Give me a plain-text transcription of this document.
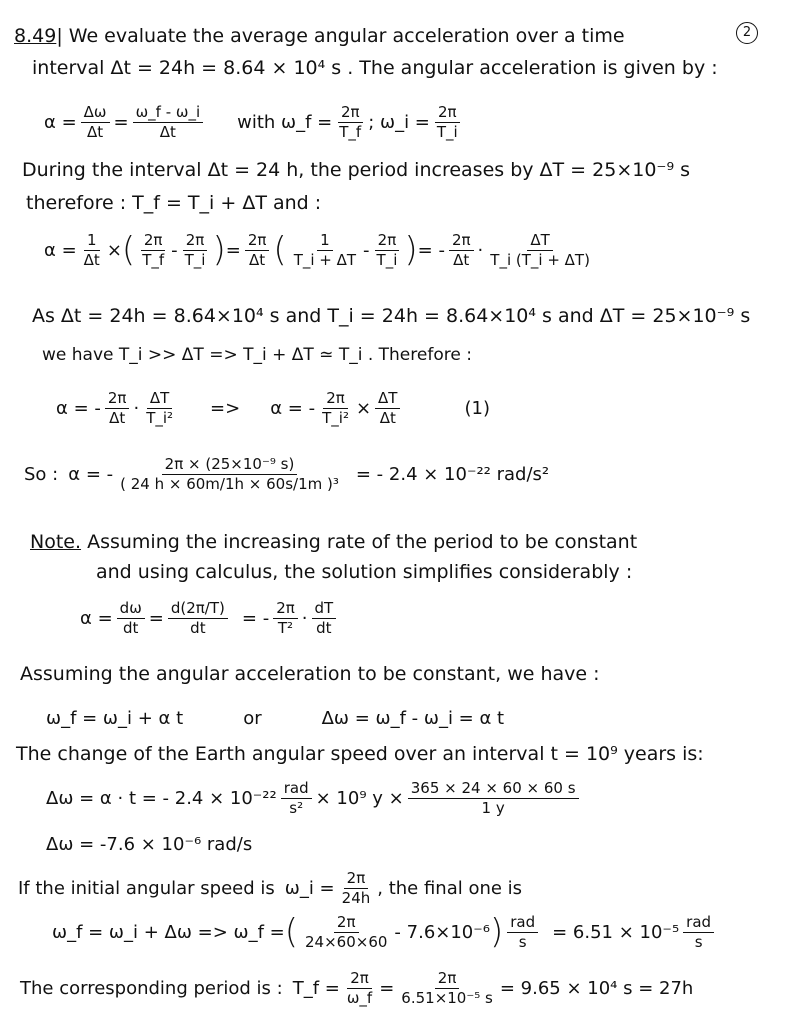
2
8.49| We evaluate the average angular acceleration over a time
interval Δt = 24h = 8.64 × 10⁴ s . The angular acceleration is given by :
$\alpha = \frac{\Delta\omega}{\Delta t} = \frac{\omega\_f - \omega\_i}{\Delta t}$ with ω_f = $\frac{2\pi}{T\_f}$ ; ω_i = $\frac{2\pi}{T\_i}$
During the interval Δt = 24 h, the period increases by ΔT = 25×10⁻⁹ s
therefore : T_f = T_i + ΔT and :
$\alpha = \frac{1}{\Delta t}$ × ( $\frac{2\pi}{T\_f} - \frac{2\pi}{T\_i}$ ) = $\frac{2\pi}{\Delta t}$ ( $\frac{1}{T\_i + \Delta T} - \frac{2\pi}{T\_i}$ ) = - $\frac{2\pi}{\Delta t} \cdot \frac{\Delta T}{T\_i (T\_i + \Delta T)}$
As Δt = 24h = 8.64×10⁴ s and T_i = 24h = 8.64×10⁴ s and ΔT = 25×10⁻⁹ s
we have T_i >> ΔT => T_i + ΔT ≃ T_i . Therefore :
α = - $\frac{2\pi}{\Delta t} \cdot \frac{\Delta T}{\text{T\_i²}} => \alpha$ = - $\frac{2\pi}{\text{T\_i²}} \times \frac{\Delta T}{\Delta t}$	(1)
So : α = - $\frac{\text{2π × (25×10⁻⁹ s)}}{\text{( 24 h × 60m/1h × 60s/1m )³}}$ = - 2.4 × 10⁻²² rad/s²
Note. Assuming the increasing rate of the period to be constant
and using calculus, the solution simplifies considerably :
$\alpha = \frac{d\omega}{dt} = \frac{d(2\pi/T)}{dt}$ = - $\frac{2\pi}{\text{T²}} \cdot \frac{dT}{dt}$
Assuming the angular acceleration to be constant, we have :
ω_f = ω_i + α t	or	Δω = ω_f - ω_i = α t
The change of the Earth angular speed over an interval t = 10⁹ years is:
Δω = α · t = - $2.4 \times 10^{-22} \frac{\text{rad}}{\text{s²}} \times 10^9$ $y \times \frac{365 \times 24 \times 60 \times 60 s}{1 y}$
Δω = -7.6 × 10⁻⁶ rad/s
If the initial angular speed is ω_i = $\frac{2\pi}{24h}$ , the final one is
ω_f = ω_i + Δω => ω_f = ( $\frac{2\pi}{24\times 60\times 60} - 7.6\times 10^{-6}$ ) $\frac{\text{rad}}{s} = 6.51 \times 10^{-5} \frac{\text{rad}}{s}$
The corresponding period is : T_f = $\frac{2\pi}{\omega\_f} = \frac{2\pi}{\text{6.51×10⁻⁵ s}} = 9.65 \times 10^4$ s = 27h
